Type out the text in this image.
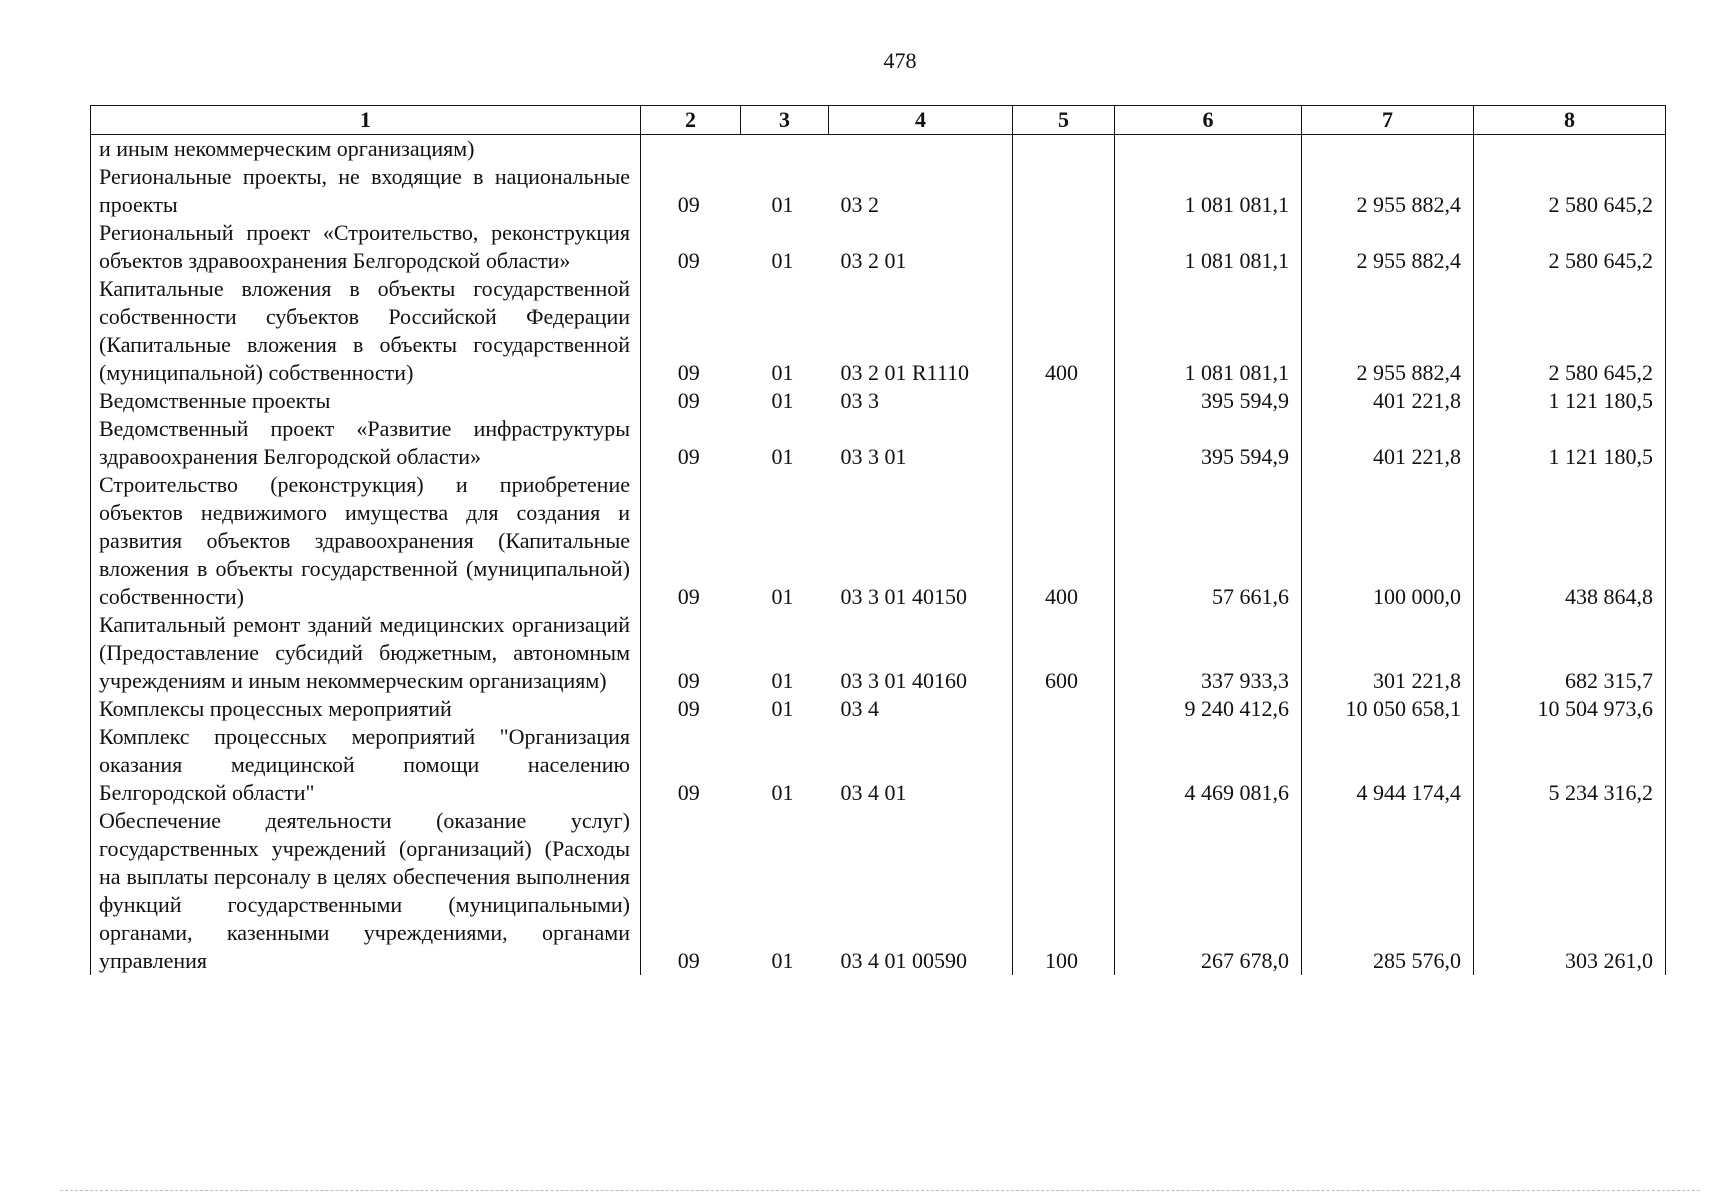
478
1	2	3	4	5	6	7	8
и иным некоммерческим организациям)							
Региональные проекты, не входящие в национальные проекты	09	01	03 2		1 081 081,1	2 955 882,4	2 580 645,2
Региональный проект «Строительство, реконструкция объектов здравоохранения Белгородской области»	09	01	03 2 01		1 081 081,1	2 955 882,4	2 580 645,2
Капитальные вложения в объекты государственной собственности субъектов Российской Федерации (Капитальные вложения в объекты государственной (муниципальной) собственности)	09	01	03 2 01 R1110	400	1 081 081,1	2 955 882,4	2 580 645,2
Ведомственные проекты	09	01	03 3		395 594,9	401 221,8	1 121 180,5
Ведомственный проект «Развитие инфраструктуры здравоохранения Белгородской области»	09	01	03 3 01		395 594,9	401 221,8	1 121 180,5
Строительство (реконструкция) и приобретение объектов недвижимого имущества для создания и развития объектов здравоохранения (Капитальные вложения в объекты государственной (муниципальной) собственности)	09	01	03 3 01 40150	400	57 661,6	100 000,0	438 864,8
Капитальный ремонт зданий медицинских организаций (Предоставление субсидий бюджетным, автономным учреждениям и иным некоммерческим организациям)	09	01	03 3 01 40160	600	337 933,3	301 221,8	682 315,7
Комплексы процессных мероприятий	09	01	03 4		9 240 412,6	10 050 658,1	10 504 973,6
Комплекс процессных мероприятий "Организация оказания медицинской помощи населению Белгородской области"	09	01	03 4 01		4 469 081,6	4 944 174,4	5 234 316,2
Обеспечение деятельности (оказание услуг) государственных учреждений (организаций) (Расходы на выплаты персоналу в целях обеспечения выполнения функций государственными (муниципальными) органами, казенными учреждениями, органами управления	09	01	03 4 01 00590	100	267 678,0	285 576,0	303 261,0
